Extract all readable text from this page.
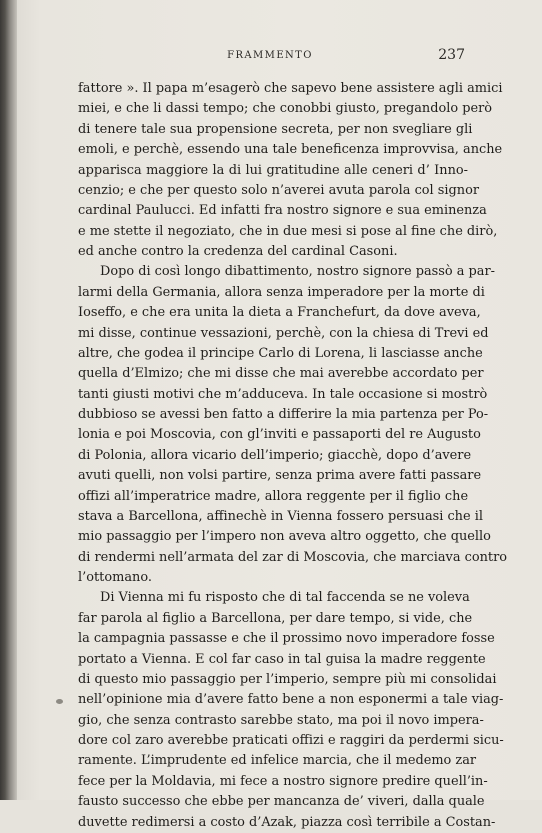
FRAMMENTO	237
fattore ». Il papa m’esagerò che sapevo bene assistere agli amici
miei, e che li dassi tempo; che conobbi giusto, pregandolo però
di tenere tale sua propensione secreta, per non svegliare gli
emoli, e perchè, essendo una tale beneficenza improvvisa, anche
apparisca maggiore la di lui gratitudine alle ceneri d’ Inno-
cenzio; e che per questo solo n’averei avuta parola col signor
cardinal Paulucci. Ed infatti fra nostro signore e sua eminenza
e me stette il negoziato, che in due mesi si pose al fine che dirò,
ed anche contro la credenza del cardinal Casoni.
Dopo di così longo dibattimento, nostro signore passò a par-
larmi della Germania, allora senza imperadore per la morte di
Ioseffo, e che era unita la dieta a Franchefurt, da dove aveva,
mi disse, continue vessazioni, perchè, con la chiesa di Trevi ed
altre, che godea il principe Carlo di Lorena, li lasciasse anche
quella d’Elmizo; che mi disse che mai averebbe accordato per
tanti giusti motivi che m’adduceva. In tale occasione si mostrò
dubbioso se avessi ben fatto a differire la mia partenza per Po-
lonia e poi Moscovia, con gl’inviti e passaporti del re Augusto
di Polonia, allora vicario dell’imperio; giacchè, dopo d’avere
avuti quelli, non volsi partire, senza prima avere fatti passare
offizi all’imperatrice madre, allora reggente per il figlio che
stava a Barcellona, affinechè in Vienna fossero persuasi che il
mio passaggio per l’impero non aveva altro oggetto, che quello
di rendermi nell’armata del zar di Moscovia, che marciava contro
l’ottomano.
Di Vienna mi fu risposto che di tal faccenda se ne voleva
far parola al figlio a Barcellona, per dare tempo, si vide, che
la campagnia passasse e che il prossimo novo imperadore fosse
portato a Vienna. E col far caso in tal guisa la madre reggente
di questo mio passaggio per l’imperio, sempre più mi consolidai
nell’opinione mia d’avere fatto bene a non esponermi a tale viag-
gio, che senza contrasto sarebbe stato, ma poi il novo impera-
dore col zaro averebbe praticati offizi e raggiri da perdermi sicu-
ramente. L’imprudente ed infelice marcia, che il medemo zar
fece per la Moldavia, mi fece a nostro signore predire quell’in-
fausto successo che ebbe per mancanza de’ viveri, dalla quale
duvette redimersi a costo d’Azak, piazza così terribile a Costan-
